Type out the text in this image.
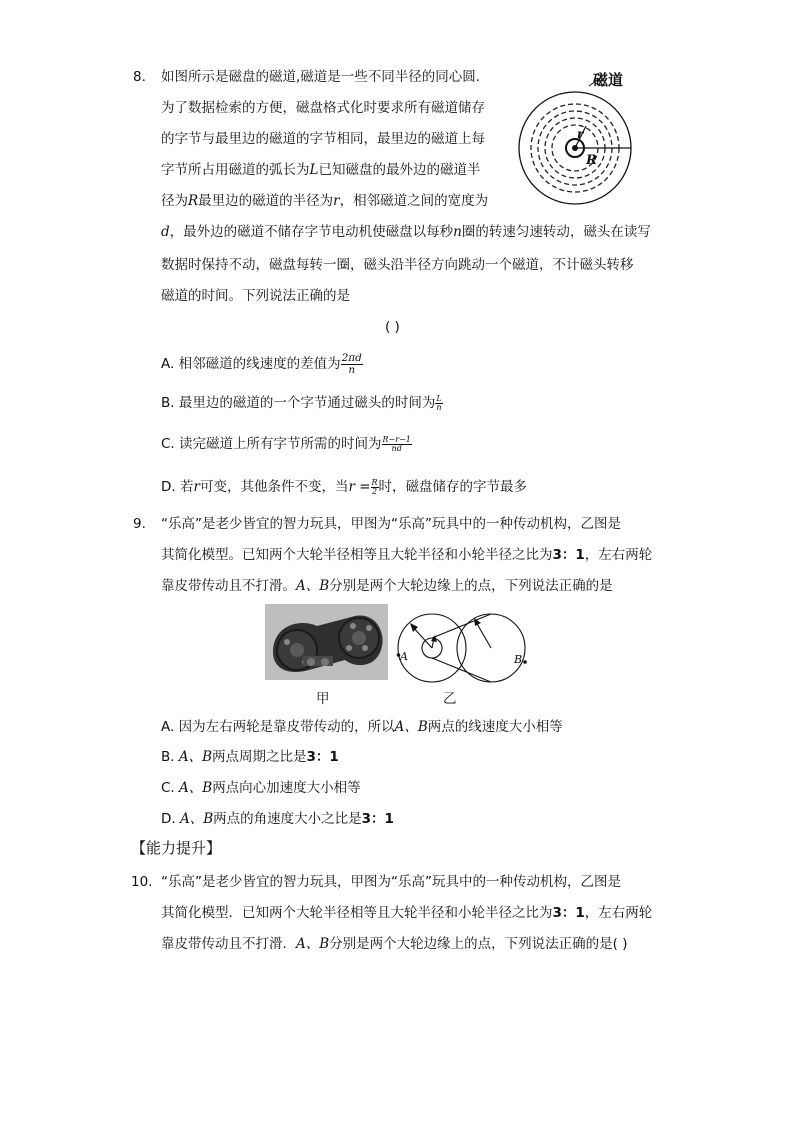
8. 如图所示是磁盘的磁道,磁道是一些不同半径的同心圆.
为了数据检索的方便，磁盘格式化时要求所有磁道储存
的字节与最里边的磁道的字节相同，最里边的磁道上每
字节所占用磁道的弧长为L已知磁盘的最外边的磁道半
径为R最里边的磁道的半径为r，相邻磁道之间的宽度为
d，最外边的磁道不储存字节电动机使磁盘以每秒n圈的转速匀速转动，磁头在读写
数据时保持不动，磁盘每转一圈，磁头沿半径方向跳动一个磁道，不计磁头转移
磁道的时间。下列说法正确的是
( )
磁道
r
R
A. 相邻磁道的线速度的差值为 $\frac{2\pi d}{n}$
B. 最里边的磁道的一个字节通过磁头的时间为 $\frac{L}{n}$
C. 读完磁道上所有字节所需的时间为 $\frac{R-r-1}{nd}$
D. 若r可变，其他条件不变，当$r = \frac{R}{2}$ 时，磁盘储存的字节最多
9. “乐高”是老少皆宜的智力玩具，甲图为“乐高”玩具中的一种传动机构，乙图是
其简化模型。已知两个大轮半径相等且大轮半径和小轮半径之比为3：1，左右两轮
靠皮带传动且不打滑。A、B分别是两个大轮边缘上的点，下列说法正确的是
A	B
甲	乙
A. 因为左右两轮是靠皮带传动的，所以A、B两点的线速度大小相等
B. A、B两点周期之比是3：1
C. A、B两点向心加速度大小相等
D. A、B两点的角速度大小之比是3：1
【能力提升】
10. “乐高”是老少皆宜的智力玩具，甲图为“乐高”玩具中的一种传动机构，乙图是
其简化模型．已知两个大轮半径相等且大轮半径和小轮半径之比为3：1，左右两轮
靠皮带传动且不打滑．A、B分别是两个大轮边缘上的点，下列说法正确的是( )
